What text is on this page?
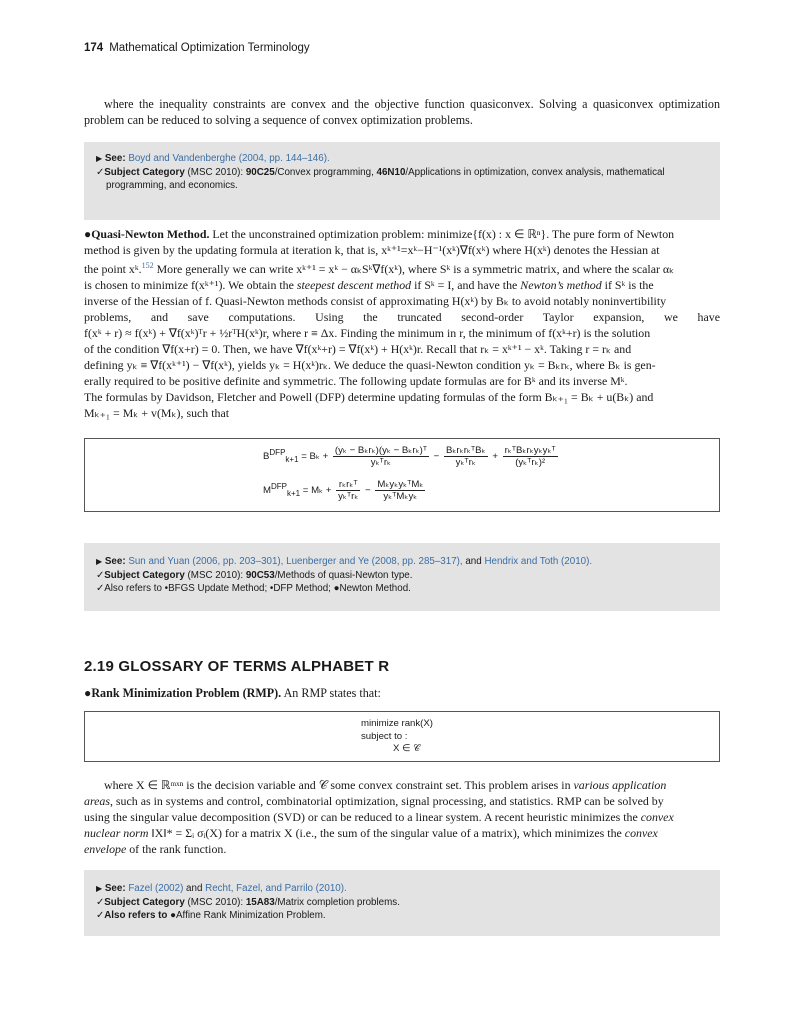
174 Mathematical Optimization Terminology

where the inequality constraints are convex and the objective function quasiconvex. Solving a quasiconvex optimization problem can be reduced to solving a sequence of convex optimization problems.

▶ See: Boyd and Vandenberghe (2004, pp. 144–146).

✓Subject Category (MSC 2010): 90C25/Convex programming, 46N10/Applications in optimization, convex analysis, mathematical programming, and economics.

●Quasi-Newton Method. Let the unconstrained optimization problem: minimize{f(x) : x ∈ ℝⁿ}. The pure form of Newton
method is given by the updating formula at iteration k, that is, xᵏ⁺¹=xᵏ−H⁻¹(xᵏ)∇f(xᵏ) where H(xᵏ) denotes the Hessian at
the point xᵏ.$^{152}$ More generally we can write xᵏ⁺¹ = xᵏ − αₖSᵏ∇f(xᵏ), where Sᵏ is a symmetric matrix, and where the scalar αₖ
is chosen to minimize f(xᵏ⁺¹). We obtain the steepest descent method if Sᵏ = I, and have the Newton’s method if Sᵏ is the
inverse of the Hessian of f. Quasi-Newton methods consist of approximating H(xᵏ) by Bₖ to avoid notably noninvertibility
problems, and save computations. Using the truncated second-order Taylor expansion, we have
f(xᵏ + r) ≈ f(xᵏ) + ∇f(xᵏ)ᵀr + ½rᵀH(xᵏ)r, where r ≡ Δx. Finding the minimum in r, the minimum of f(xᵏ+r) is the solution
of the condition ∇f(x+r) = 0. Then, we have ∇f(xᵏ+r) = ∇f(xᵏ) + H(xᵏ)r. Recall that rₖ = xᵏ⁺¹ − xᵏ. Taking r = rₖ and
defining yₖ ≡ ∇f(xᵏ⁺¹) − ∇f(xᵏ), yields yₖ = H(xᵏ)rₖ. We deduce the quasi-Newton condition yₖ = Bₖrₖ, where Bₖ is gen-
erally required to be positive definite and symmetric. The following update formulas are for Bᵏ and its inverse Mᵏ.
The formulas by Davidson, Fletcher and Powell (DFP) determine updating formulas of the form Bₖ₊₁ = Bₖ + u(Bₖ) and
Mₖ₊₁ = Mₖ + v(Mₖ), such that
$B^{DFP}_{k+1} = B_k + \frac{\text{(yₖ − Bₖrₖ)(yₖ − Bₖrₖ)ᵀ}}{\text{yₖᵀrₖ}} - \frac{\text{BₖrₖrₖᵀBₖ}}{\text{yₖᵀrₖ}} + \frac{\text{rₖᵀBₖrₖyₖyₖᵀ}}{\text{(yₖᵀrₖ)²}}$
$M^{DFP}_{k+1} = M_k + \frac{\text{rₖrₖᵀ}}{\text{yₖᵀrₖ}} - \frac{\text{MₖyₖyₖᵀMₖ}}{\text{yₖᵀMₖyₖ}}$

▶ See: Sun and Yuan (2006, pp. 203–301), Luenberger and Ye (2008, pp. 285–317), and Hendrix and Toth (2010).

✓Subject Category (MSC 2010): 90C53/Methods of quasi-Newton type.

✓Also refers to •BFGS Update Method; •DFP Method; ●Newton Method.

2.19 GLOSSARY OF TERMS ALPHABET R
●Rank Minimization Problem (RMP). An RMP states that:
minimize rank(X)
subject to :
X ∈ 𝒞
where X ∈ ℝᵐˣⁿ is the decision variable and 𝒞 some convex constraint set. This problem arises in various application
areas, such as in systems and control, combinatorial optimization, signal processing, and statistics. RMP can be solved by
using the singular value decomposition (SVD) or can be reduced to a linear system. A recent heuristic minimizes the convex
nuclear norm ‖X‖* = Σᵢ σᵢ(X) for a matrix X (i.e., the sum of the singular value of a matrix), which minimizes the convex
envelope of the rank function.

▶ See: Fazel (2002) and Recht, Fazel, and Parrilo (2010).

✓Subject Category (MSC 2010): 15A83/Matrix completion problems.

✓Also refers to ●Affine Rank Minimization Problem.
